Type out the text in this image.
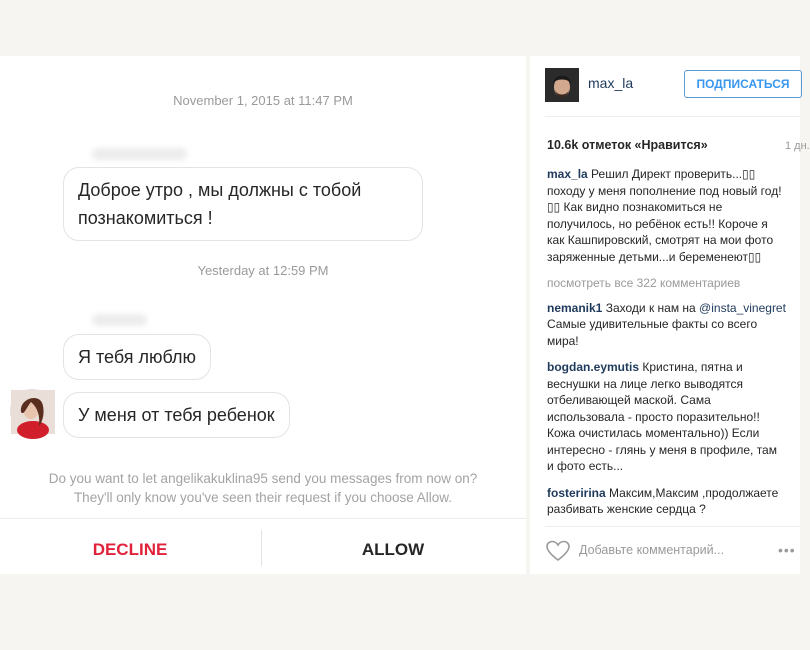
November 1, 2015 at 11:47 PM
Доброе утро , мы должны с тобой познакомиться !
Yesterday at 12:59 PM
Я тебя люблю
У меня от тебя ребенок
Do you want to let angelikakuklina95 send you messages from now on?
They'll only know you've seen their request if you choose Allow.
DECLINE	ALLOW
max_la	ПОДПИСАТЬСЯ
10.6k отметок «Нравится»	1 дн.
max_la Решил Директ проверить...▯▯ походу у меня пополнение под новый год!▯▯ Как видно познакомиться не получилось, но ребёнок есть!! Короче я как Кашпировский, смотрят на мои фото заряженные детьми...и беременеют▯▯
посмотреть все 322 комментариев
nemanik1 Заходи к нам на @insta_vinegret Самые удивительные факты со всего мира!
bogdan.eymutis Кристина, пятна и веснушки на лице легко выводятся отбеливающей маской. Сама использовала - просто поразительно!! Кожа очистилась моментально)) Если интересно - глянь у меня в профиле, там и фото есть...
fosteririna Максим,Максим ,продолжаете разбивать женские сердца ?
Добавьте комментарий...	•••
